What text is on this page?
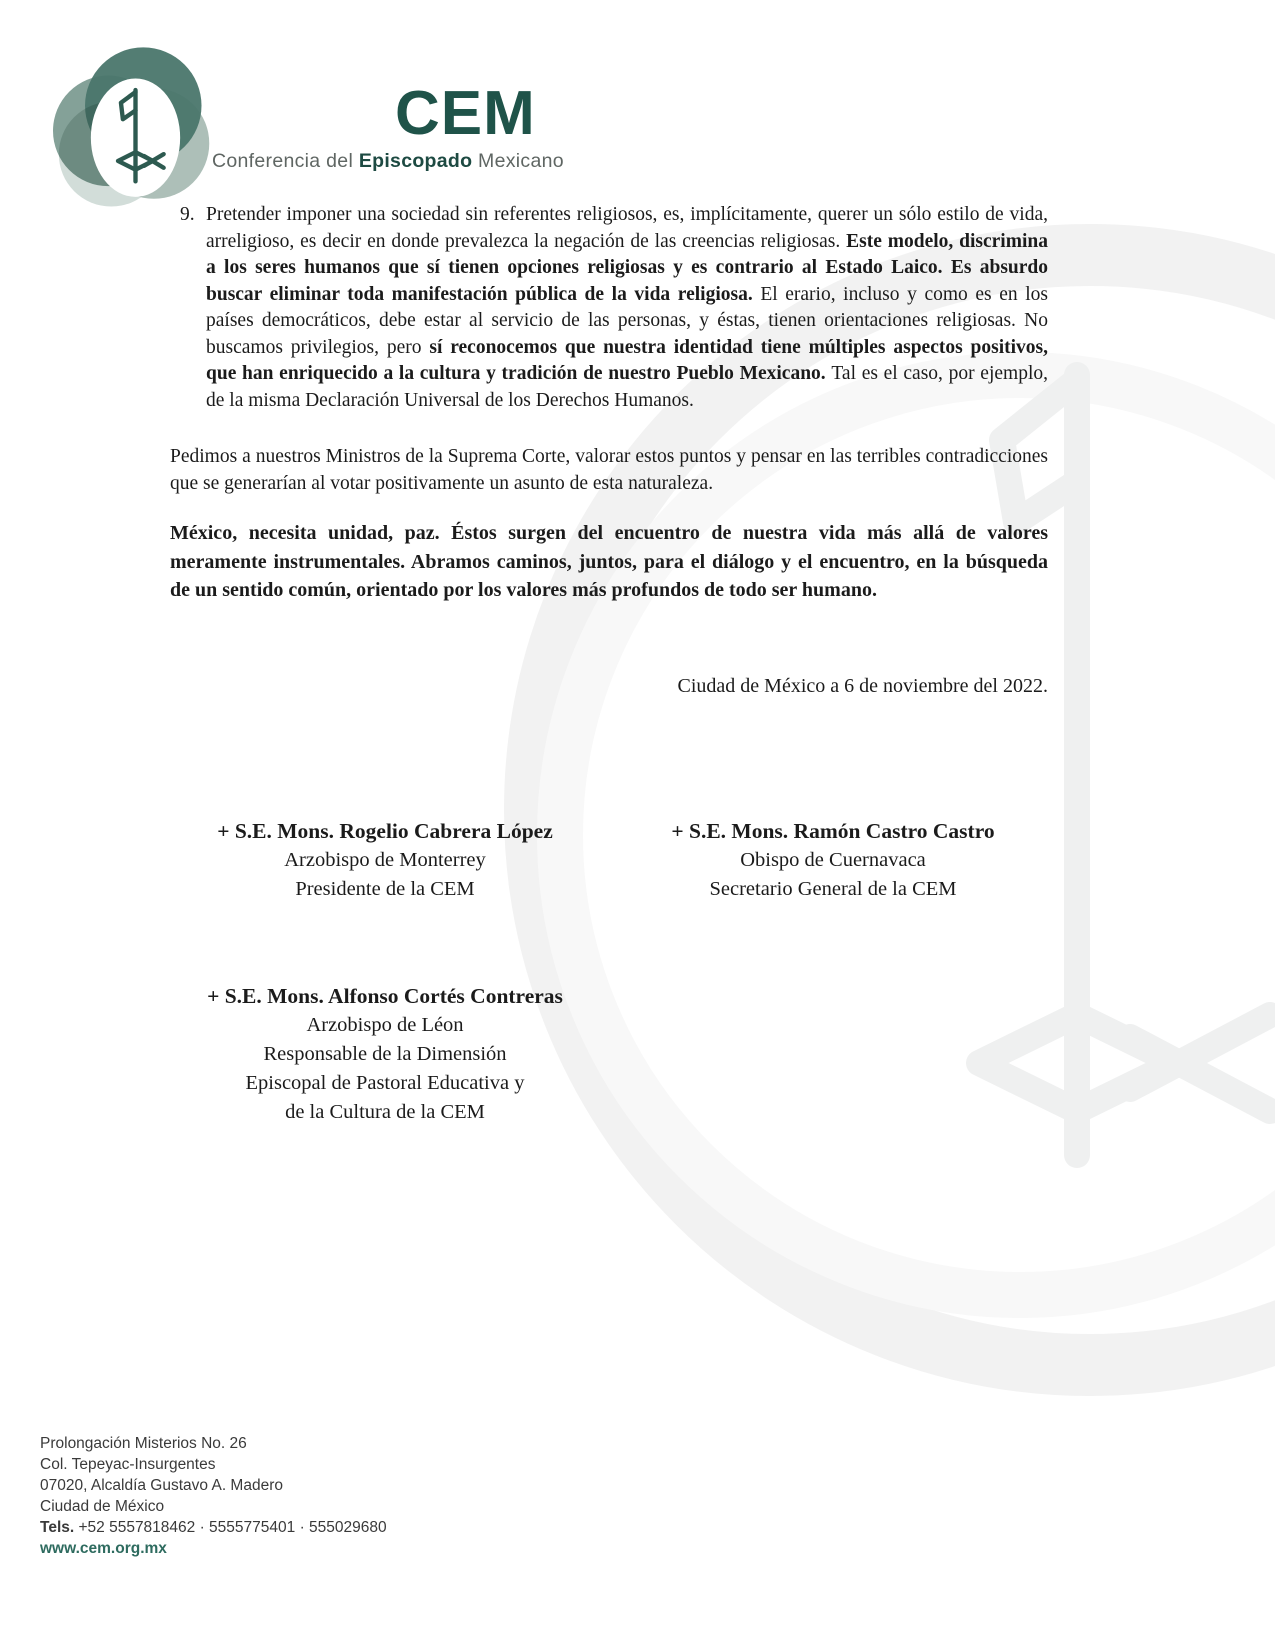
CEM
Conferencia del Episcopado Mexicano
9. Pretender imponer una sociedad sin referentes religiosos, es, implícitamente, querer un sólo estilo de vida, arreligioso, es decir en donde prevalezca la negación de las creencias religiosas. Este modelo, discrimina a los seres humanos que sí tienen opciones religiosas y es contrario al Estado Laico. Es absurdo buscar eliminar toda manifestación pública de la vida religiosa. El erario, incluso y como es en los países democráticos, debe estar al servicio de las personas, y éstas, tienen orientaciones religiosas. No buscamos privilegios, pero sí reconocemos que nuestra identidad tiene múltiples aspectos positivos, que han enriquecido a la cultura y tradición de nuestro Pueblo Mexicano. Tal es el caso, por ejemplo, de la misma Declaración Universal de los Derechos Humanos.

Pedimos a nuestros Ministros de la Suprema Corte, valorar estos puntos y pensar en las terribles contradicciones que se generarían al votar positivamente un asunto de esta naturaleza.

México, necesita unidad, paz. Éstos surgen del encuentro de nuestra vida más allá de valores meramente instrumentales. Abramos caminos, juntos, para el diálogo y el encuentro, en la búsqueda de un sentido común, orientado por los valores más profundos de todo ser humano.

Ciudad de México a 6 de noviembre del 2022.

+ S.E. Mons. Rogelio Cabrera López
Arzobispo de Monterrey
Presidente de la CEM
+ S.E. Mons. Ramón Castro Castro
Obispo de Cuernavaca
Secretario General de la CEM
+ S.E. Mons. Alfonso Cortés Contreras
Arzobispo de Léon
Responsable de la Dimensión
Episcopal de Pastoral Educativa y
de la Cultura de la CEM
Prolongación Misterios No. 26
Col. Tepeyac-Insurgentes
07020, Alcaldía Gustavo A. Madero
Ciudad de México
Tels. +52 5557818462 · 5555775401 · 555029680
www.cem.org.mx
